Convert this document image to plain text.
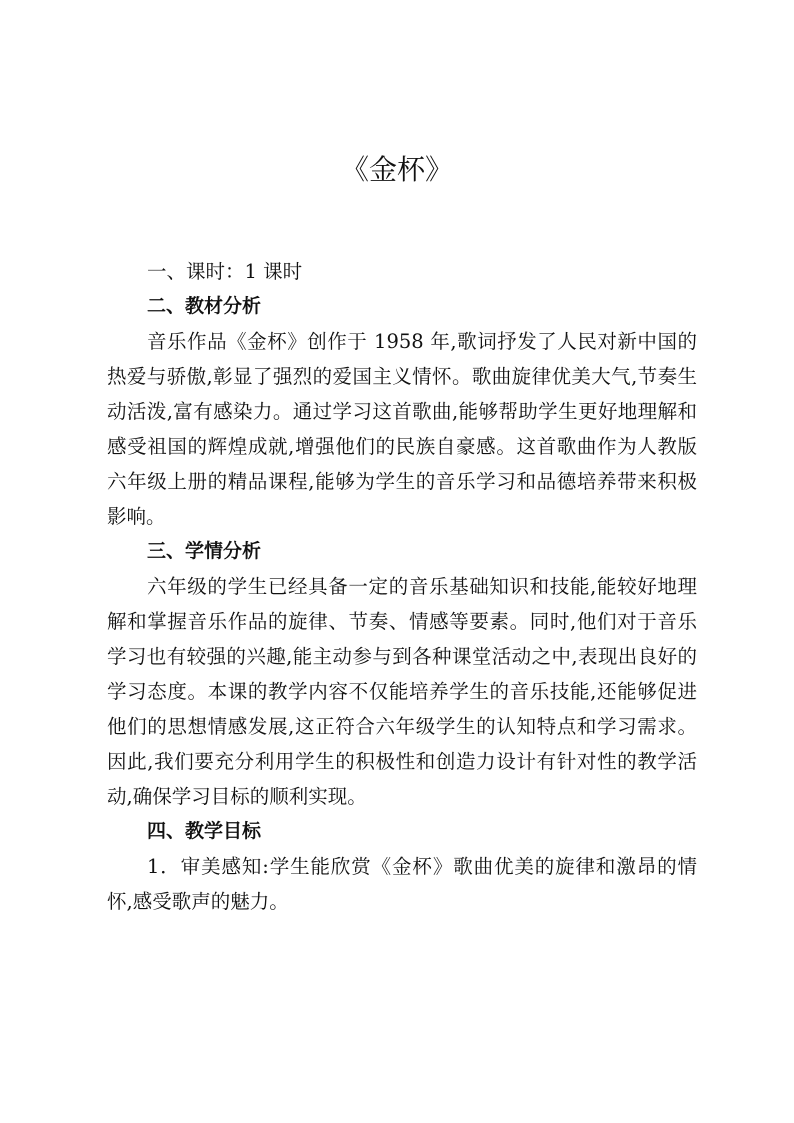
《金杯》

一、课时：1 课时

二、教材分析

音乐作品《金杯》创作于 1958 年,歌词抒发了人民对新中国的热爱与骄傲,彰显了强烈的爱国主义情怀。歌曲旋律优美大气,节奏生动活泼,富有感染力。通过学习这首歌曲,能够帮助学生更好地理解和感受祖国的辉煌成就,增强他们的民族自豪感。这首歌曲作为人教版六年级上册的精品课程,能够为学生的音乐学习和品德培养带来积极影响。

三、学情分析

六年级的学生已经具备一定的音乐基础知识和技能,能较好地理解和掌握音乐作品的旋律、节奏、情感等要素。同时,他们对于音乐学习也有较强的兴趣,能主动参与到各种课堂活动之中,表现出良好的学习态度。本课的教学内容不仅能培养学生的音乐技能,还能够促进他们的思想情感发展,这正符合六年级学生的认知特点和学习需求。因此,我们要充分利用学生的积极性和创造力设计有针对性的教学活动,确保学习目标的顺利实现。

四、教学目标

1．审美感知:学生能欣赏《金杯》歌曲优美的旋律和激昂的情怀,感受歌声的魅力。
